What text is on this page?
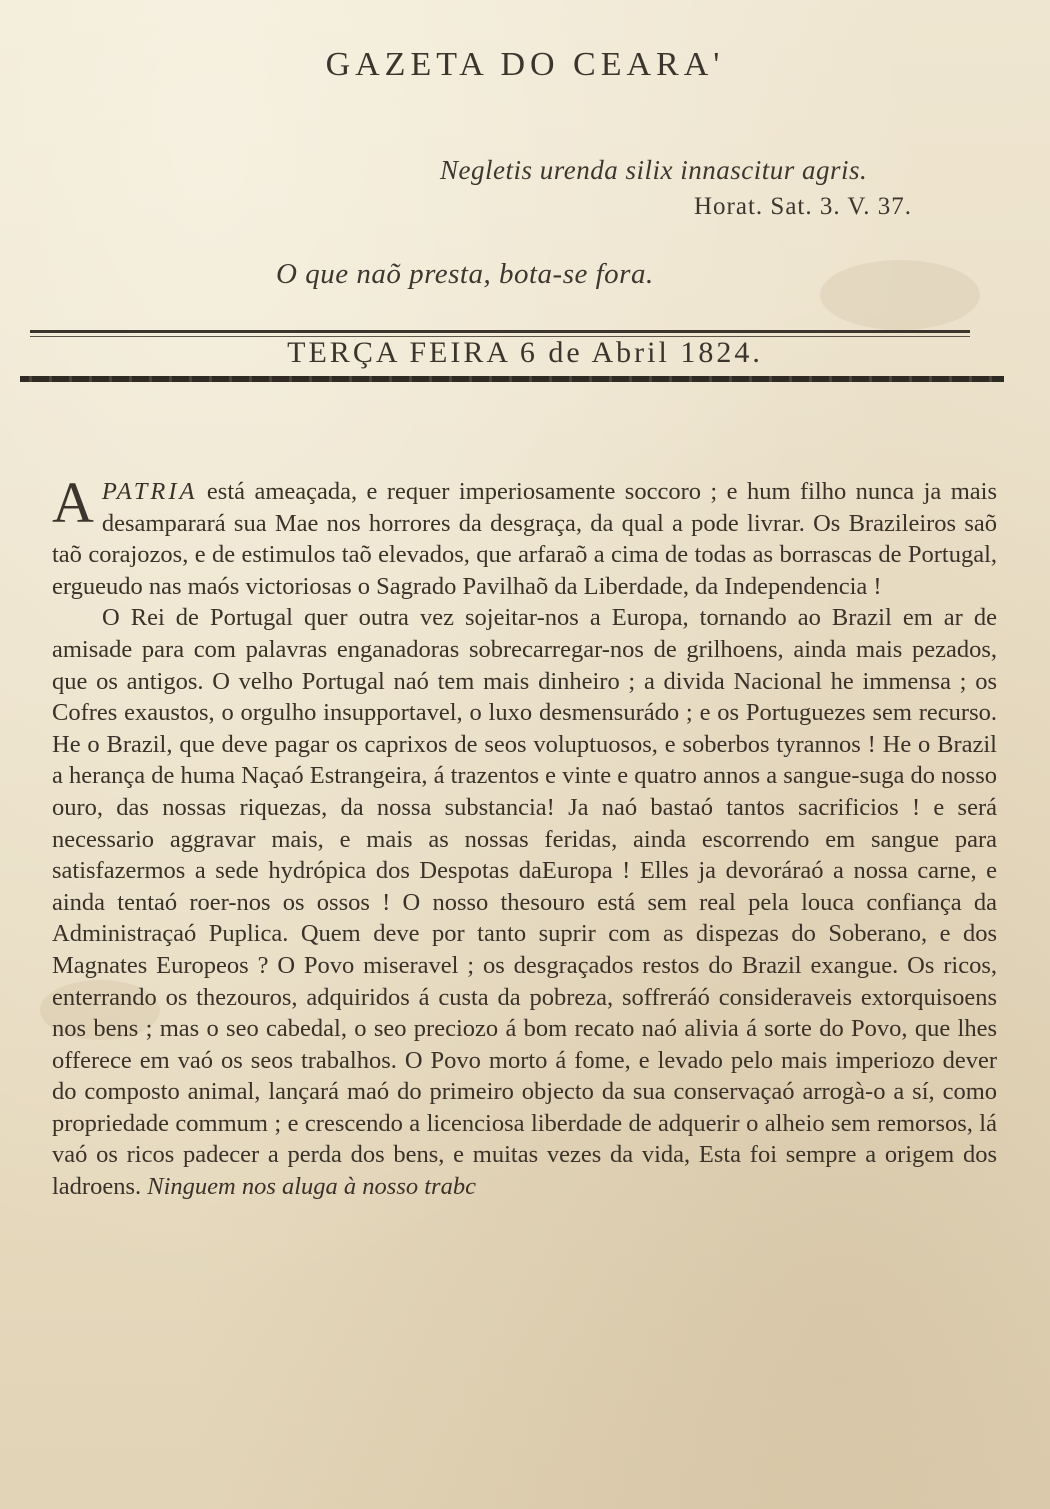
GAZETA DO CEARA'
Negletis urenda silix innascitur agris.
Horat. Sat. 3. V. 37.
O que naõ presta, bota-se fora.
TERÇA FEIRA 6 de Abril 1824.

A PATRIA está ameaçada, e requer imperiosamente soccoro ; e hum filho nunca ja mais desamparará sua Mae nos horrores da desgraça, da qual a pode livrar. Os Brazileiros saõ taõ corajozos, e de estimulos taõ elevados, que arfaraõ a cima de todas as borrascas de Portugal, ergueudo nas maós victoriosas o Sagrado Pavilhaõ da Liberdade, da Independencia !

O Rei de Portugal quer outra vez sojeitar-nos a Europa, tornando ao Brazil em ar de amisade para com palavras enganadoras sobrecarregar-nos de grilhoens, ainda mais pezados, que os antigos. O velho Portugal naó tem mais dinheiro ; a divida Nacional he immensa ; os Cofres exaustos, o orgulho insupportavel, o luxo desmensurádo ; e os Portuguezes sem recurso. He o Brazil, que deve pagar os caprixos de seos voluptuosos, e soberbos tyrannos ! He o Brazil a herança de huma Naçaó Estrangeira, á trazentos e vinte e quatro annos a sangue-suga do nosso ouro, das nossas riquezas, da nossa substancia! Ja naó bastaó tantos sacrificios ! e será necessario aggravar mais, e mais as nossas feridas, ainda escorrendo em sangue para satisfazermos a sede hydrópica dos Despotas daEuropa ! Elles ja devoráraó a nossa carne, e ainda tentaó roer-nos os ossos ! O nosso thesouro está sem real pela louca confiança da Administraçaó Puplica. Quem deve por tanto suprir com as dispezas do Soberano, e dos Magnates Europeos ? O Povo miseravel ; os desgraçados restos do Brazil exangue. Os ricos, enterrando os thezouros, adquiridos á custa da pobreza, soffreráó consideraveis extorquisoens nos bens ; mas o seo cabedal, o seo preciozo á bom recato naó alivia á sorte do Povo, que lhes offerece em vaó os seos trabalhos. O Povo morto á fome, e levado pelo mais imperiozo dever do composto animal, lançará maó do primeiro objecto da sua conservaçaó arrogà-o a sí, como propriedade commum ; e crescendo a licenciosa liberdade de adquerir o alheio sem remorsos, lá vaó os ricos padecer a perda dos bens, e muitas vezes da vida, Esta foi sempre a origem dos ladroens. Ninguem nos aluga à nosso trabc
